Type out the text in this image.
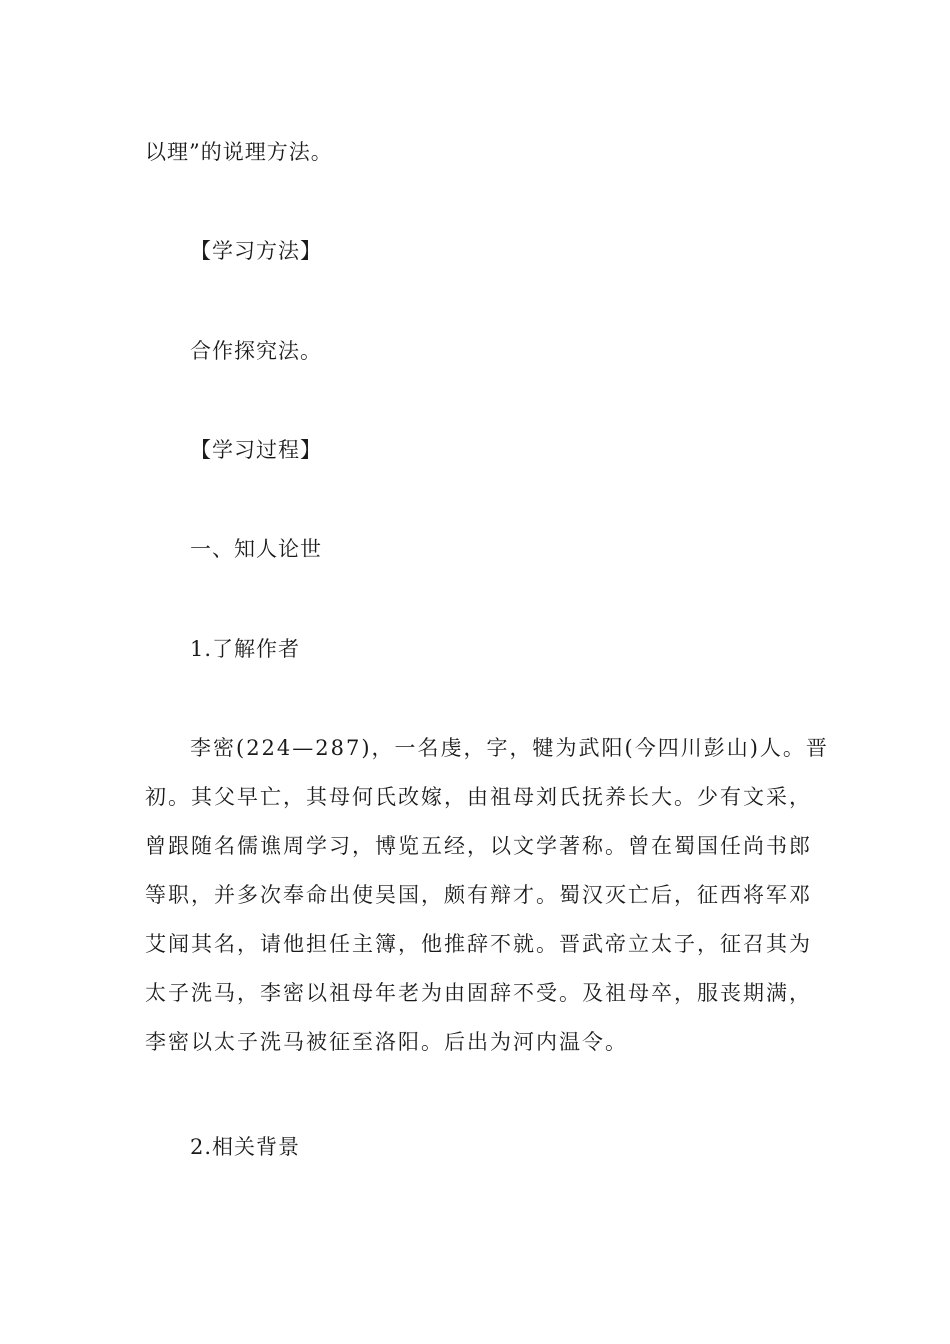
以理”的说理方法。
【学习方法】
合作探究法。
【学习过程】
一、知人论世
1.了解作者
李密(224—287)，一名虔，字，犍为武阳(今四川彭山)人。晋
初。其父早亡，其母何氏改嫁，由祖母刘氏抚养长大。少有文采，
曾跟随名儒谯周学习，博览五经，以文学著称。曾在蜀国任尚书郎
等职，并多次奉命出使吴国，颇有辩才。蜀汉灭亡后，征西将军邓
艾闻其名，请他担任主簿，他推辞不就。晋武帝立太子，征召其为
太子洗马，李密以祖母年老为由固辞不受。及祖母卒，服丧期满，
李密以太子洗马被征至洛阳。后出为河内温令。
2.相关背景
